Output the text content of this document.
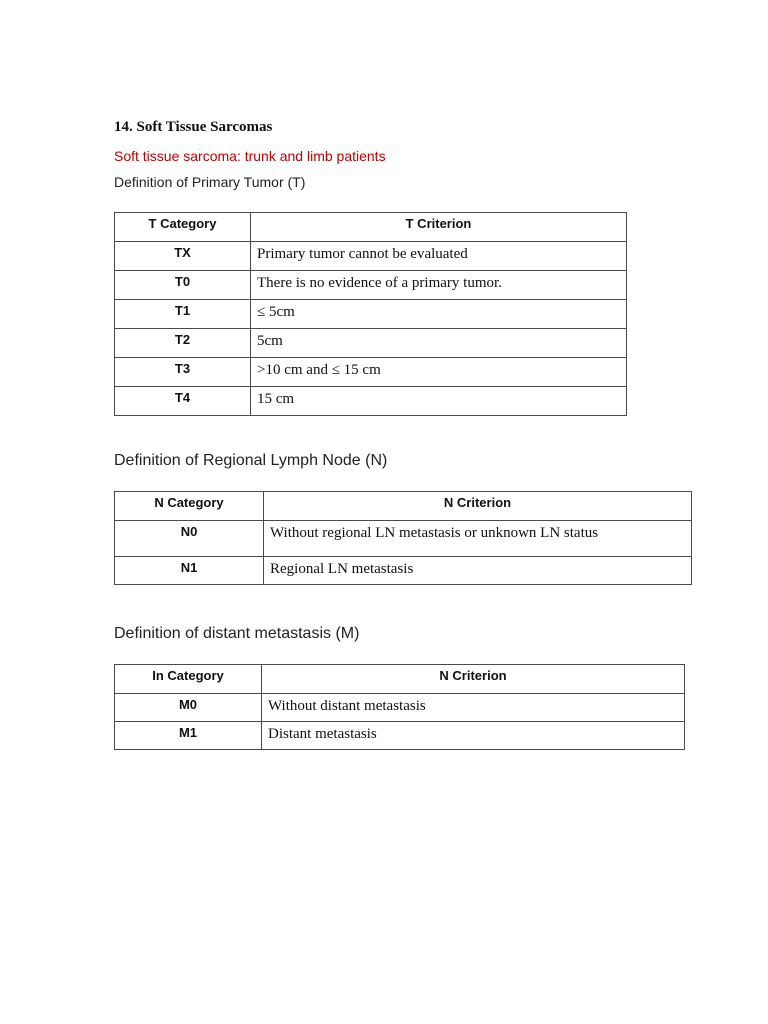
14. Soft Tissue Sarcomas
Soft tissue sarcoma: trunk and limb patients
Definition of Primary Tumor (T)
T Category	T Criterion
TX	Primary tumor cannot be evaluated
T0	There is no evidence of a primary tumor.
T1	≤ 5cm
T2	5cm
T3	>10 cm and ≤ 15 cm
T4	15 cm
Definition of Regional Lymph Node (N)
N Category	N Criterion
N0	Without regional LN metastasis or unknown LN status
N1	Regional LN metastasis
Definition of distant metastasis (M)
In Category	N Criterion
M0	Without distant metastasis
M1	Distant metastasis
